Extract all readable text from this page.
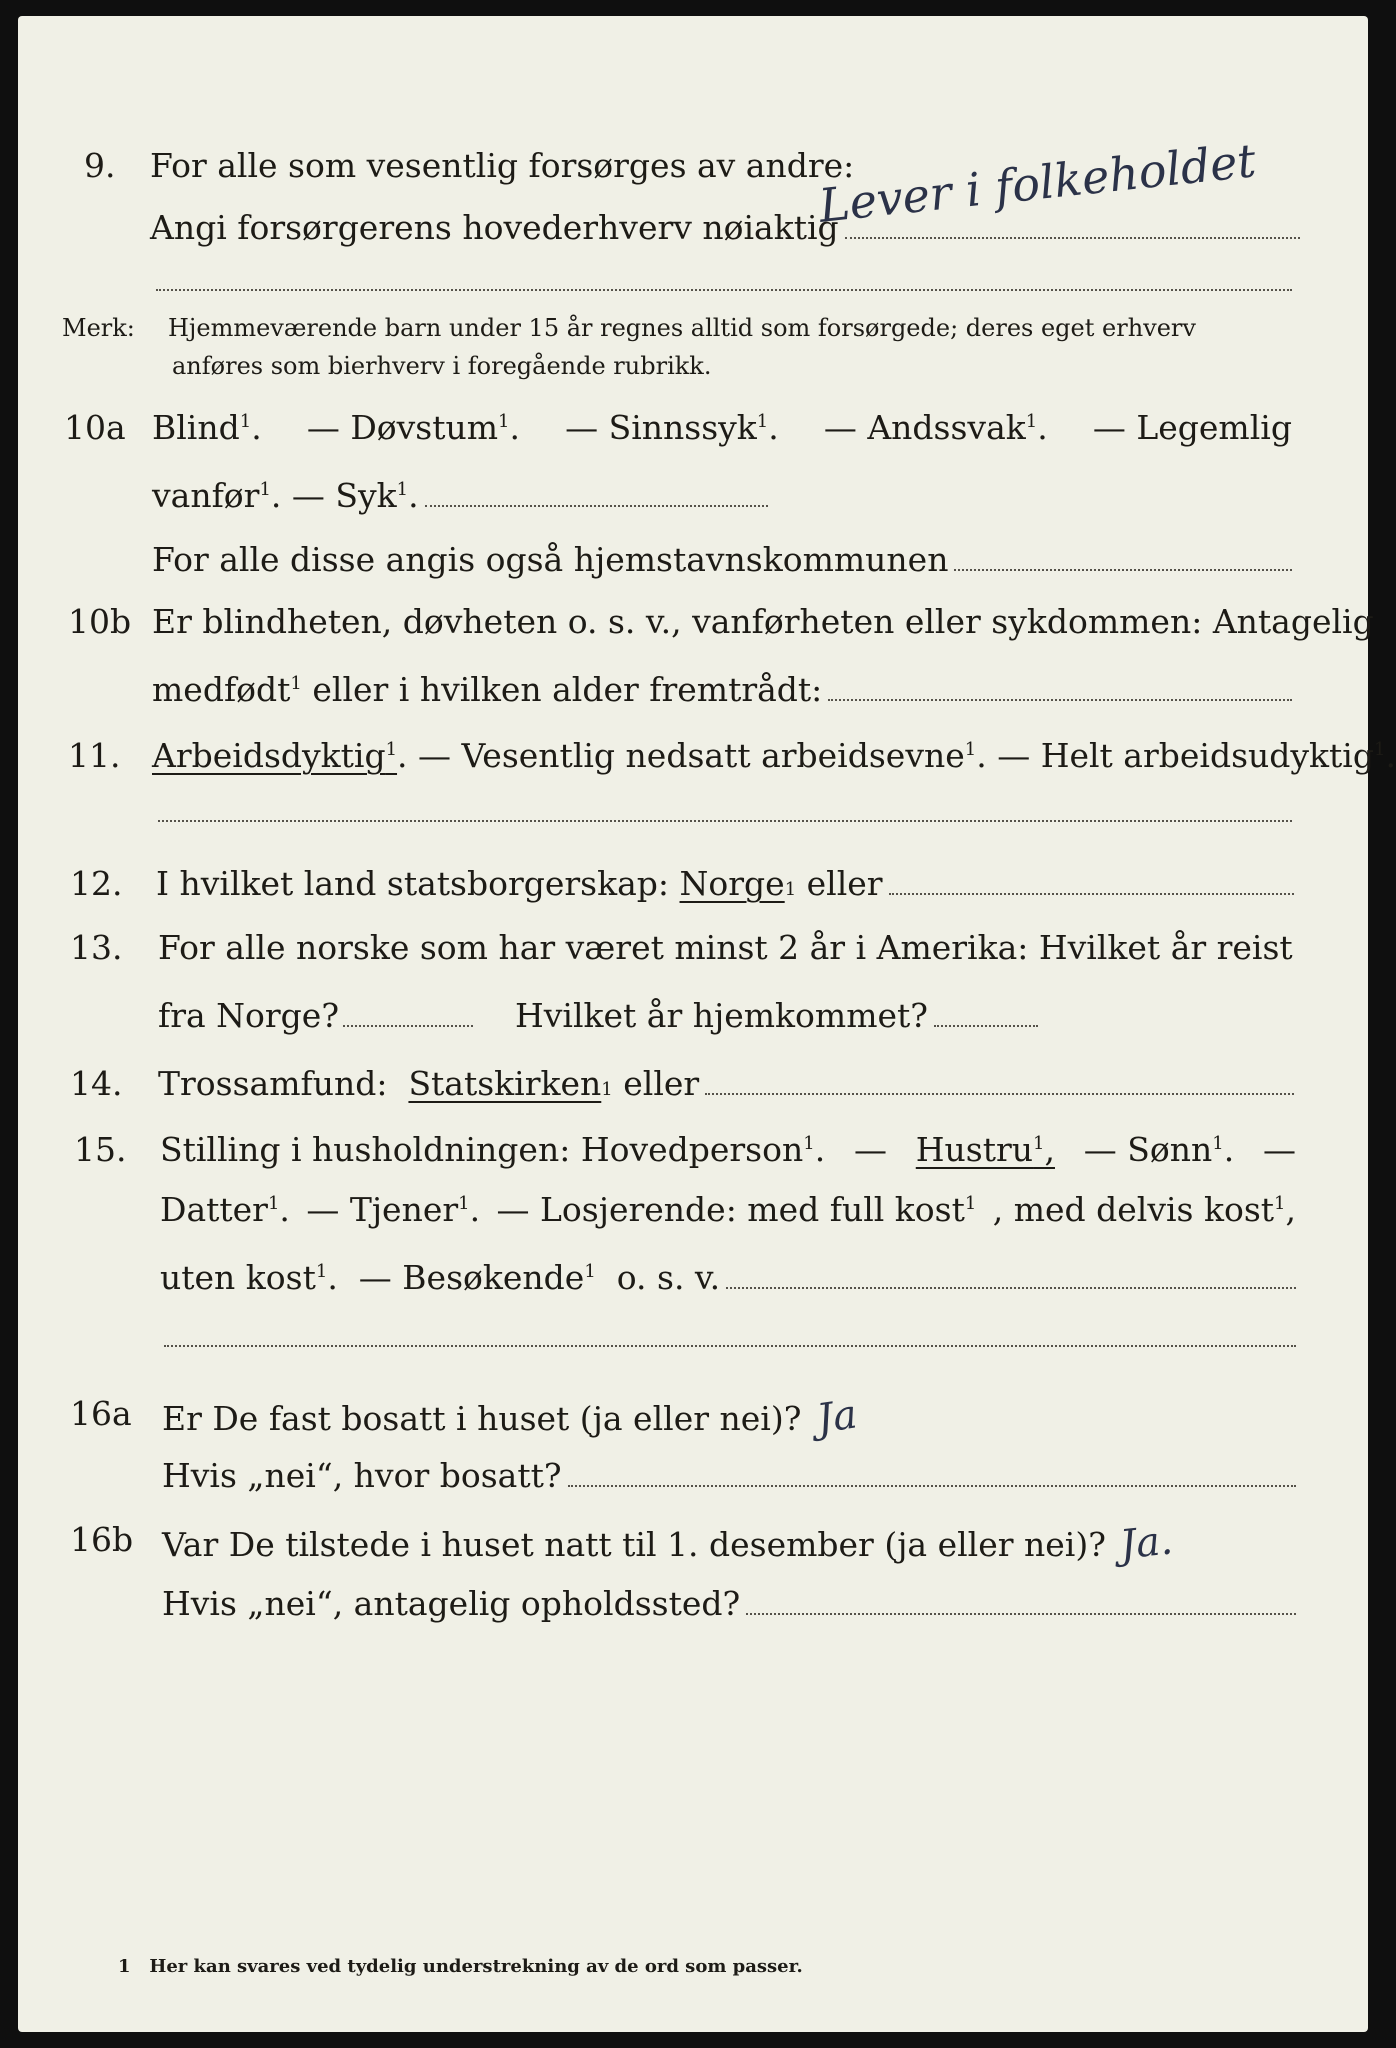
9. For alle som vesentlig forsørges av andre:
Angi forsørgerens hovederhverv nøiaktig
Lever i folkeholdet
Merk: Hjemmeværende barn under 15 år regnes alltid som forsørgede; deres eget erhverv
anføres som bierhverv i foregående rubrikk.
10a Blind$^1$. — Døvstum$^1$. — Sinnssyk$^1$. — Andssvak$^1$. — Legemlig
vanfør$^1$.
— Syk$^1$.
For alle disse angis også hjemstavnskommunen
10b Er blindheten, døvheten o. s. v., vanførheten eller sykdommen: Antagelig
medfødt$^1$
eller i hvilken alder fremtrådt:
11. Arbeidsdyktig$^1$ . — Vesentlig nedsatt arbeidsevne$^1$.
— Helt arbeidsudyktig$^1$.
12. I hvilket land statsborgerskap:
Norge 1
eller
13. For alle norske som har været minst 2 år i Amerika: Hvilket år reist
fra Norge?
	Hvilket år hjemkommet?
14. Trossamfund:
Statskirken 1
eller
15. Stilling i husholdningen: Hovedperson$^1$. — Hustru$^1$, — Sønn$^1$. —
Datter$^1$. — Tjener$^1$. — Losjerende: med full kost$^1$ , med delvis kost$^1$,
uten kost$^1$.
— Besøkende$^1$
o. s. v.
16a Er De fast bosatt i huset (ja eller nei)? Ja
Hvis „nei“, hvor bosatt?
16b Var De tilstede i huset natt til 1. desember (ja eller nei)? Ja.
Hvis „nei“, antagelig opholdssted?
1 Her kan svares ved tydelig understrekning av de ord som passer.
